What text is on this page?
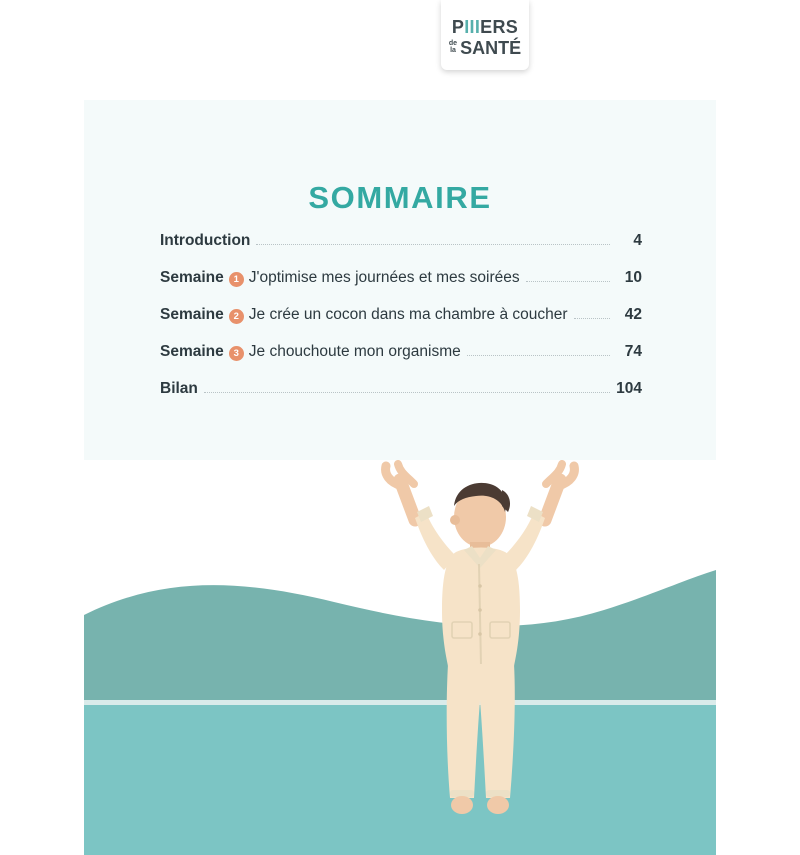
PIIIERS
de
la SANTÉ
SOMMAIRE
Introduction	4
Semaine	1 J'optimise mes journées et mes soirées	10
Semaine	2 Je crée un cocon dans ma chambre à coucher	42
Semaine	3 Je chouchoute mon organisme	74
Bilan	104
